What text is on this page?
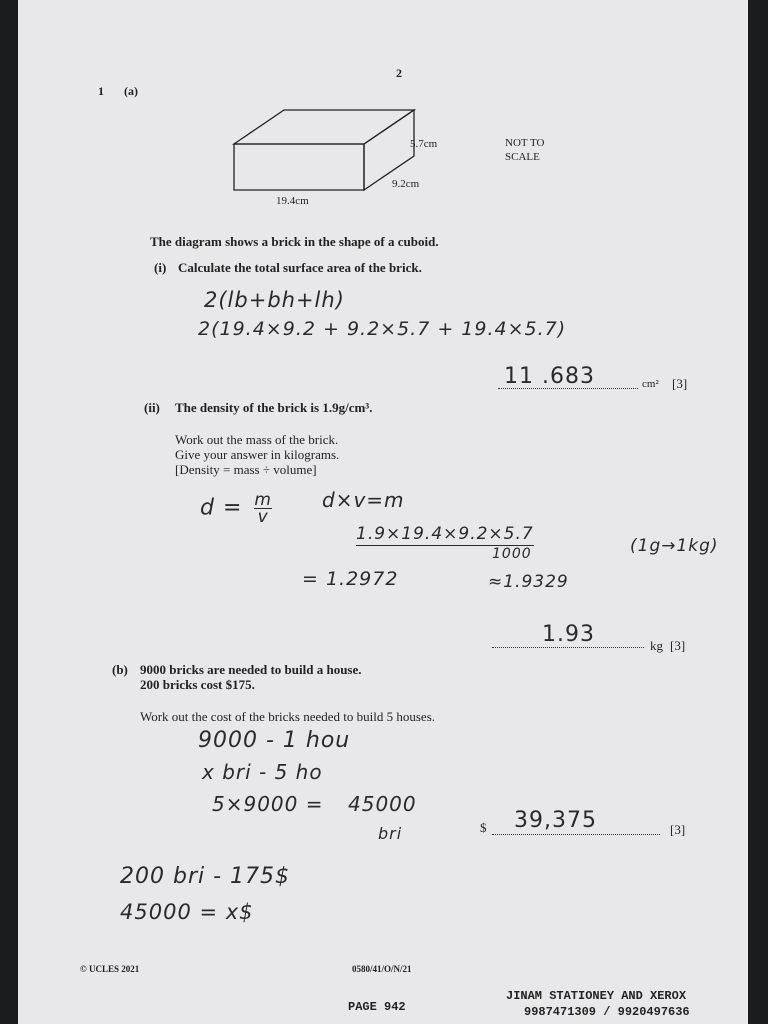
2
1 (a)
5.7cm
9.2cm
19.4cm
NOT TO
SCALE
The diagram shows a brick in the shape of a cuboid.
(i) Calculate the total surface area of the brick.
2(lb+bh+lh)
2(19.4×9.2 + 9.2×5.7 + 19.4×5.7)
11 .683	cm² [3]
(ii) The density of the brick is 1.9g/cm³.
Work out the mass of the brick.
Give your answer in kilograms.
[Density = mass ÷ volume]
$d = \frac{m}{v}$	d×v=m
1.9×19.4×9.2×5.7
1000	(1g→1kg)
= 1.2972	≈1.9329
1.93	kg [3]
(b) 9000 bricks are needed to build a house.
200 bricks cost $175.
Work out the cost of the bricks needed to build 5 houses.
9000 - 1 hou
x bri - 5 ho
5×9000 = 45000
bri	$ 39,375	[3]
200 bri - 175$
45000 = x$
© UCLES 2021	0580/41/O/N/21
PAGE 942
JINAM STATIONEY AND XEROX
9987471309 / 9920497636
